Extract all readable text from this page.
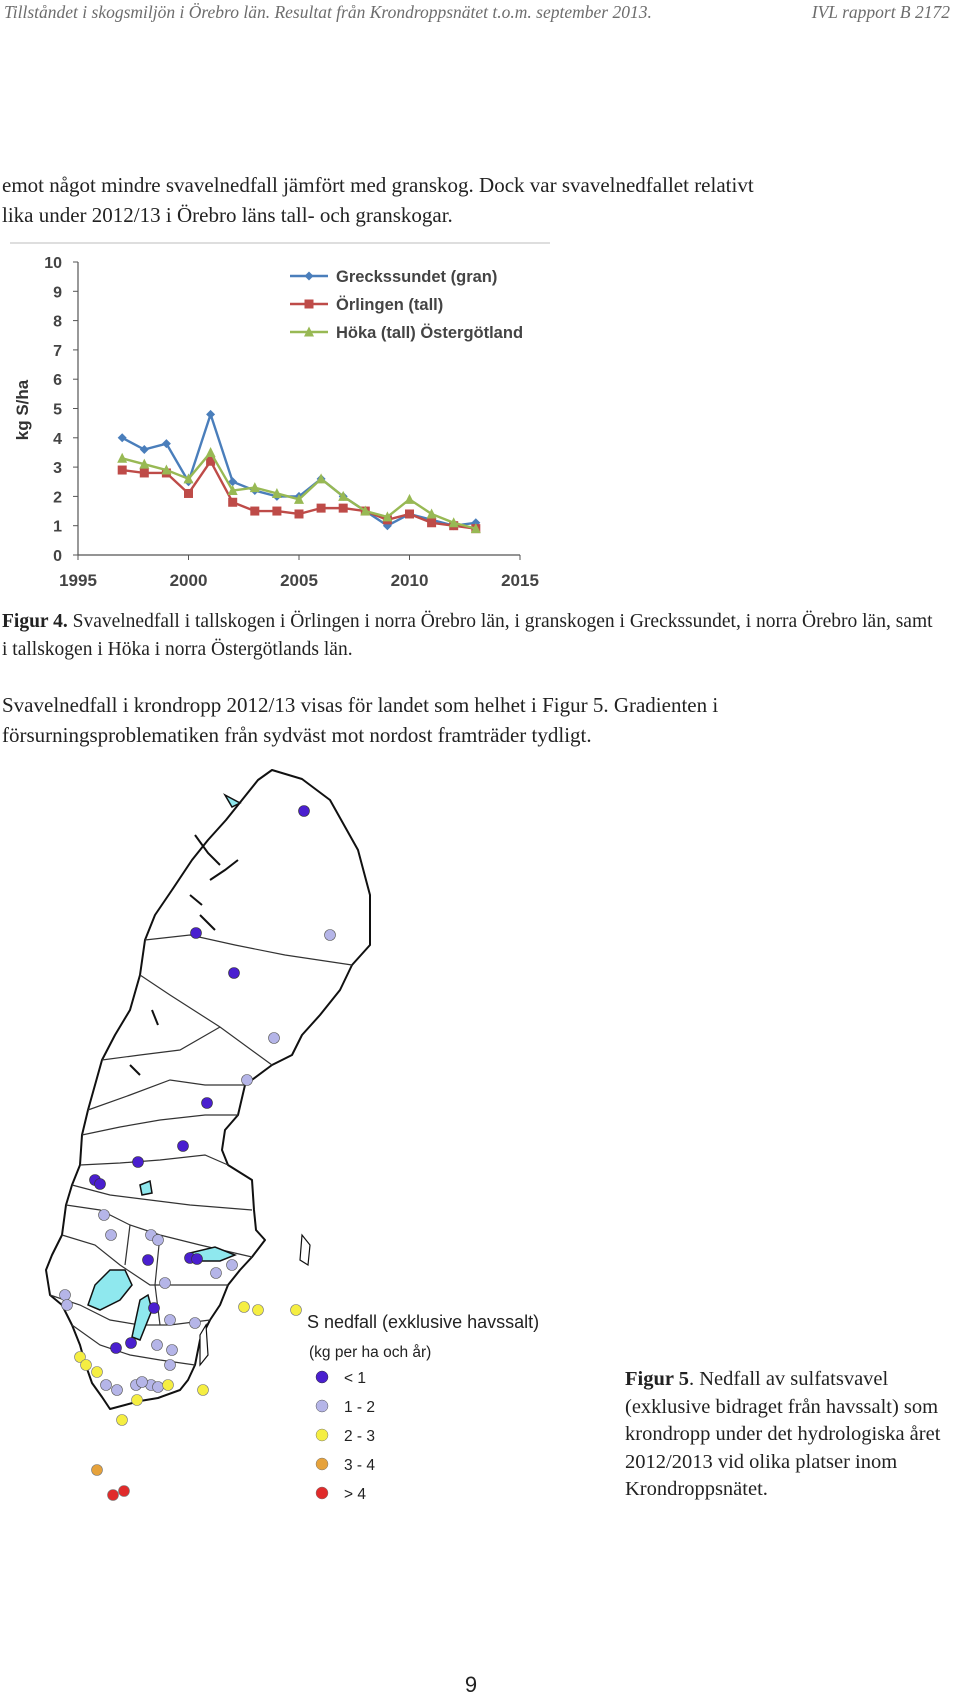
Tillståndet i skogsmiljön i Örebro län. Resultat från Krondroppsnätet t.o.m. september 2013.	IVL rapport B 2172
emot något mindre svavelnedfall jämfört med granskog. Dock var svavelnedfallet relativt
lika under 2012/13 i Örebro läns tall- och granskogar.
0
1
2
3
4
5
6
7
8
9
10
1995	2000	2005	2010	2015
Greckssundet (gran)
Örlingen (tall)
Höka (tall) Östergötland
kg S/ha
Figur 4. Svavelnedfall i tallskogen i Örlingen i norra Örebro län, i granskogen i Greckssundet, i norra Örebro län, samt i tallskogen i Höka i norra Östergötlands län.
Svavelnedfall i krondropp 2012/13 visas för landet som helhet i Figur 5. Gradienten i
försurningsproblematiken från sydväst mot nordost framträder tydligt.
S nedfall (exklusive havssalt)
(kg per ha och år)
< 1
1 - 2
2 - 3
3 - 4
> 4
Figur 5. Nedfall av sulfatsvavel (exklusive bidraget från havssalt) som krondropp under det hydrologiska året 2012/2013 vid olika platser inom Krondroppsnätet.
9
